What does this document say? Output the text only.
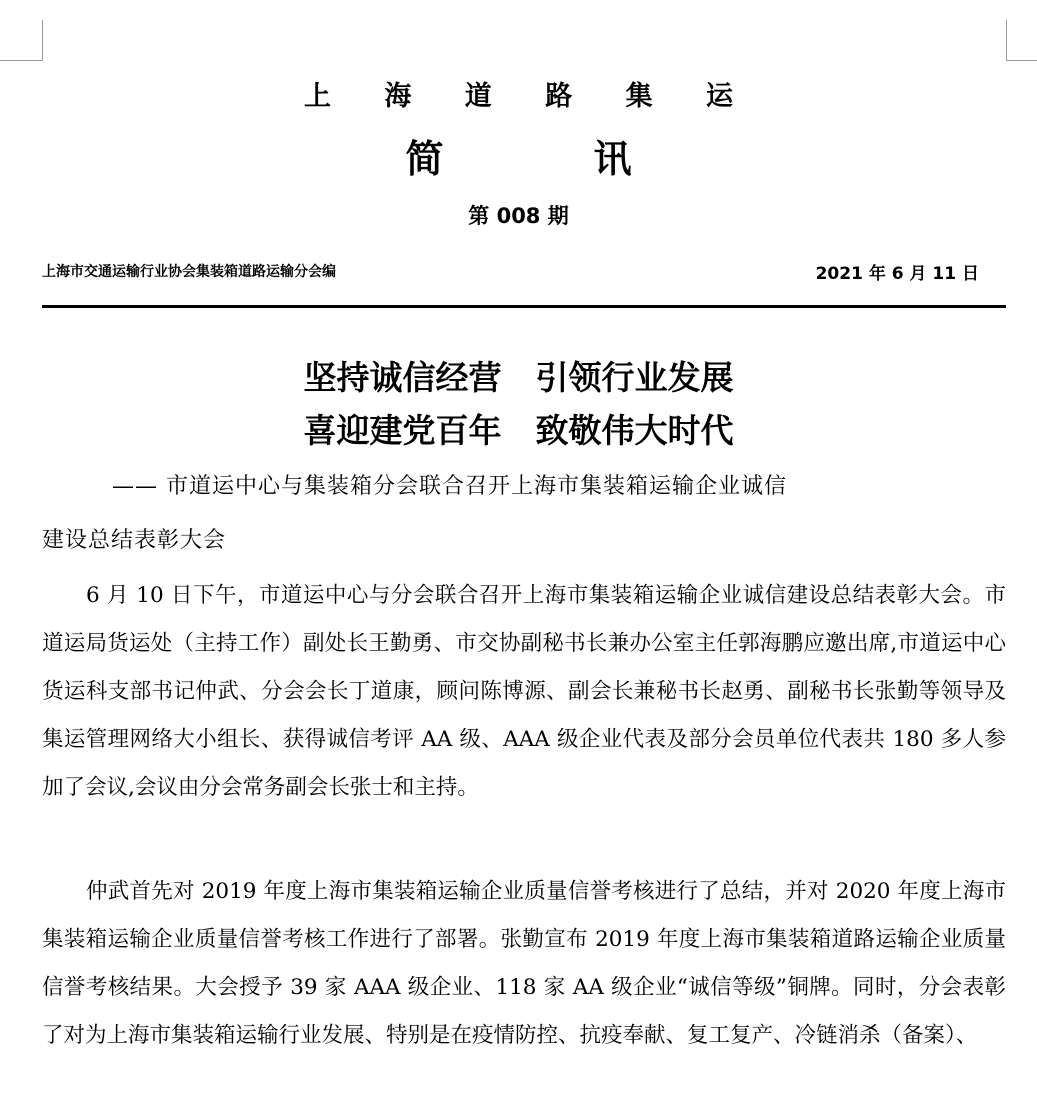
上 海 道 路 集 运
简	讯
第 008 期
上海市交通运输行业协会集装箱道路运输分会编	2021 年 6 月 11 日
坚持诚信经营 引领行业发展
喜迎建党百年 致敬伟大时代
—— 市道运中心与集装箱分会联合召开上海市集装箱运输企业诚信
建设总结表彰大会

6 月 10 日下午，市道运中心与分会联合召开上海市集装箱运输企业诚信建设总结表彰大会。市道运局货运处（主持工作）副处长王勤勇、市交协副秘书长兼办公室主任郭海鹏应邀出席,市道运中心货运科支部书记仲武、分会会长丁道康，顾问陈博源、副会长兼秘书长赵勇、副秘书长张勤等领导及集运管理网络大小组长、获得诚信考评 AA 级、AAA 级企业代表及部分会员单位代表共 180 多人参加了会议,会议由分会常务副会长张士和主持。

仲武首先对 2019 年度上海市集装箱运输企业质量信誉考核进行了总结，并对 2020 年度上海市集装箱运输企业质量信誉考核工作进行了部署。张勤宣布 2019 年度上海市集装箱道路运输企业质量信誉考核结果。大会授予 39 家 AAA 级企业、118 家 AA 级企业“诚信等级”铜牌。同时，分会表彰了对为上海市集装箱运输行业发展、特别是在疫情防控、抗疫奉献、复工复产、冷链消杀（备案）、
